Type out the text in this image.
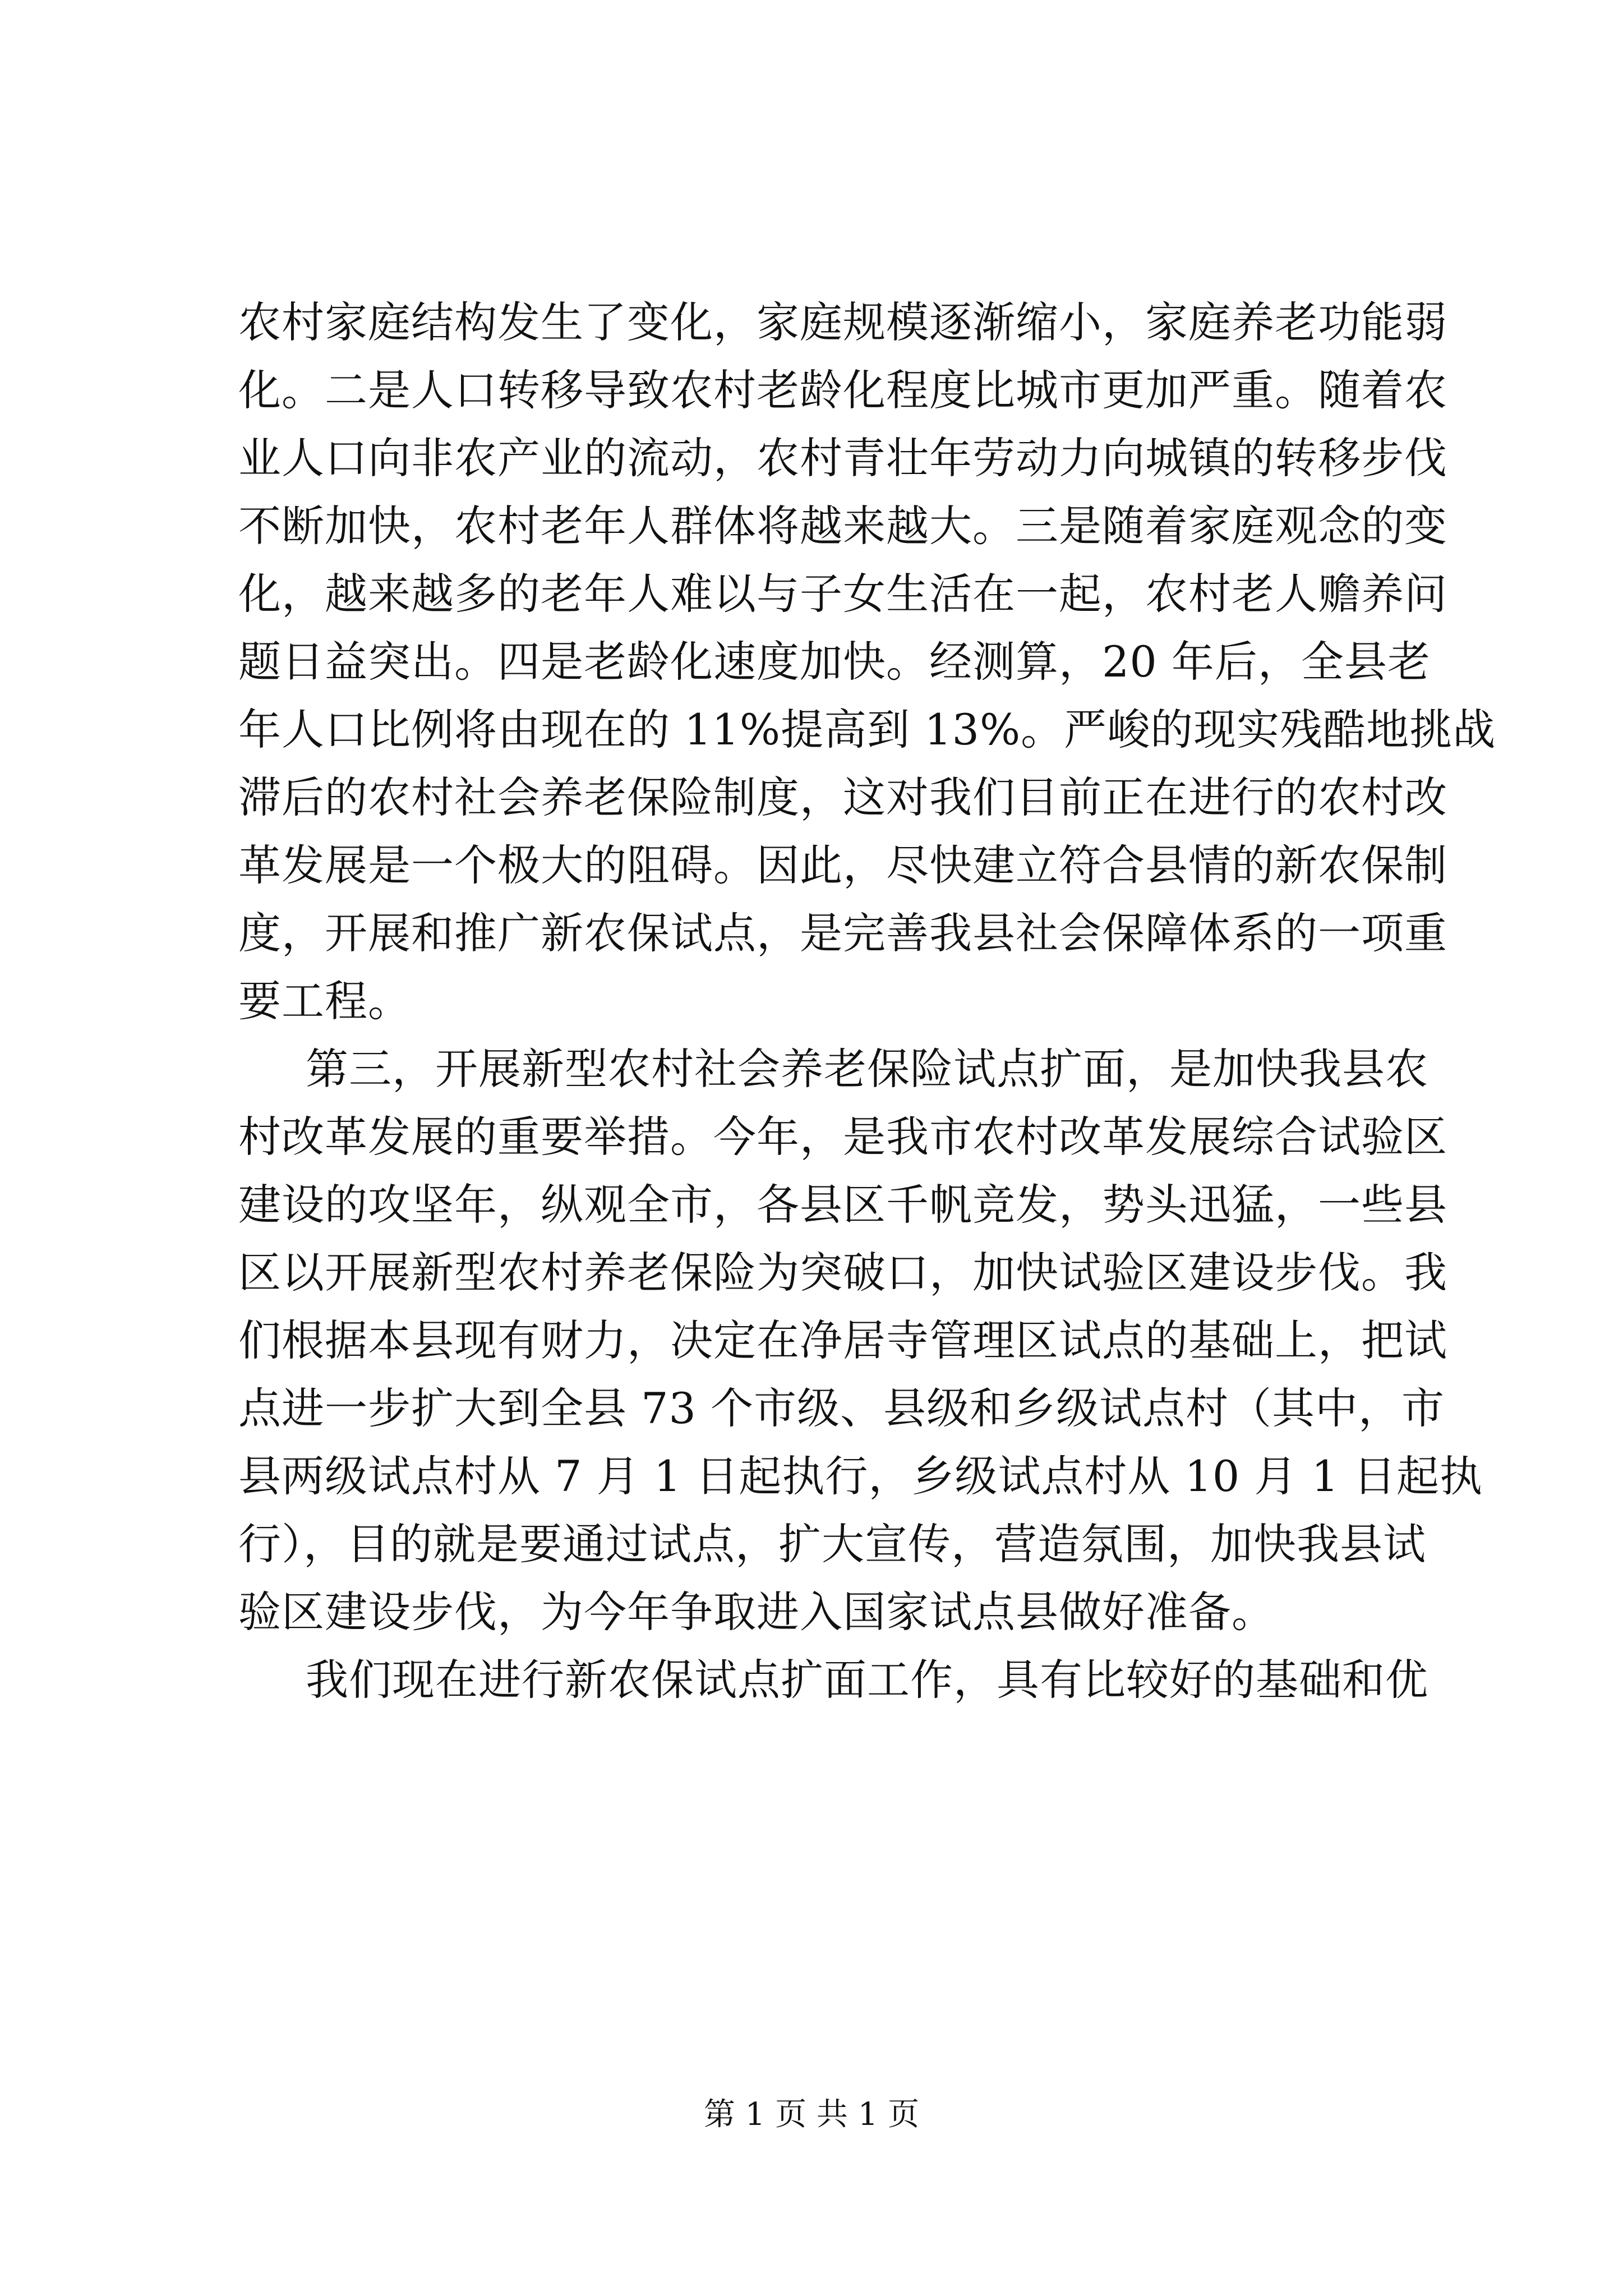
农村家庭结构发生了变化，家庭规模逐渐缩小，家庭养老功能弱
化。二是人口转移导致农村老龄化程度比城市更加严重。随着农
业人口向非农产业的流动，农村青壮年劳动力向城镇的转移步伐
不断加快，农村老年人群体将越来越大。三是随着家庭观念的变
化，越来越多的老年人难以与子女生活在一起，农村老人赡养问
题日益突出。四是老龄化速度加快。经测算，20 年后，全县老
年人口比例将由现在的 11%提高到 13%。严峻的现实残酷地挑战
滞后的农村社会养老保险制度，这对我们目前正在进行的农村改
革发展是一个极大的阻碍。因此，尽快建立符合县情的新农保制
度，开展和推广新农保试点，是完善我县社会保障体系的一项重
要工程。
第三，开展新型农村社会养老保险试点扩面，是加快我县农
村改革发展的重要举措。今年，是我市农村改革发展综合试验区
建设的攻坚年，纵观全市，各县区千帆竞发，势头迅猛，一些县
区以开展新型农村养老保险为突破口，加快试验区建设步伐。我
们根据本县现有财力，决定在净居寺管理区试点的基础上，把试
点进一步扩大到全县 73 个市级、县级和乡级试点村（其中，市
县两级试点村从 7 月 1 日起执行，乡级试点村从 10 月 1 日起执
行），目的就是要通过试点，扩大宣传，营造氛围，加快我县试
验区建设步伐，为今年争取进入国家试点县做好准备。
我们现在进行新农保试点扩面工作，具有比较好的基础和优
第 1 页 共 1 页
